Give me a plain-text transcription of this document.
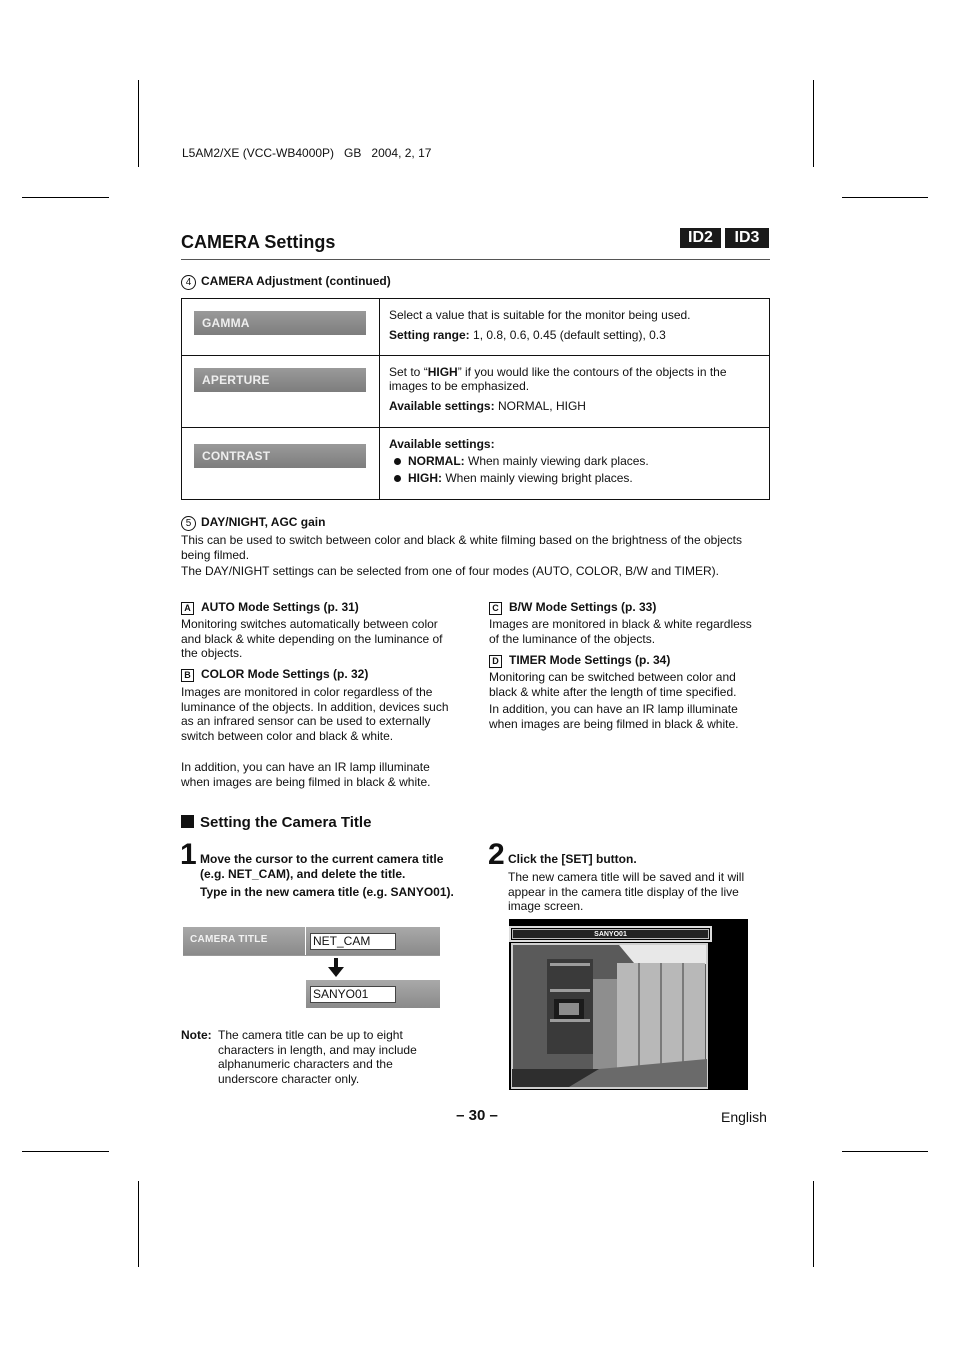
L5AM2/XE (VCC-WB4000P)   GB   2004, 2, 17
CAMERA Settings	ID2	ID3
4 CAMERA Adjustment (continued)
GAMMA	Select a value that is suitable for the monitor being used.

Setting range: 1, 0.8, 0.6, 0.45 (default setting), 0.3

APERTURE	Set to “HIGH” if you would like the contours of the objects in the images to be emphasized.

Available settings: NORMAL, HIGH

CONTRAST	Available settings:

NORMAL: When mainly viewing dark places.

HIGH: When mainly viewing bright places.

5 DAY/NIGHT, AGC gain
This can be used to switch between color and black & white filming based on the brightness of the objects being filmed.
The DAY/NIGHT settings can be selected from one of four modes (AUTO, COLOR, B/W and TIMER).
A AUTO Mode Settings (p. 31)
Monitoring switches automatically between color and black & white depending on the luminance of the objects.
B COLOR Mode Settings (p. 32)
Images are monitored in color regardless of the luminance of the objects. In addition, devices such as an infrared sensor can be used to externally switch between color and black & white.
In addition, you can have an IR lamp illuminate when images are being filmed in black & white.
C B/W Mode Settings (p. 33)
Images are monitored in black & white regardless of the luminance of the objects.
D TIMER Mode Settings (p. 34)
Monitoring can be switched between color and black & white after the length of time specified.
In addition, you can have an IR lamp illuminate when images are being filmed in black & white.
Setting the Camera Title
1 Move the cursor to the current camera title (e.g. NET_CAM), and delete the title.
Type in the new camera title (e.g. SANYO01).
CAMERA TITLE	NET_CAM
SANYO01
Note: The camera title can be up to eight characters in length, and may include alphanumeric characters and the underscore character only.
2 Click the [SET] button.
The new camera title will be saved and it will appear in the camera title display of the live image screen.
SANYO01
– 30 –	English
